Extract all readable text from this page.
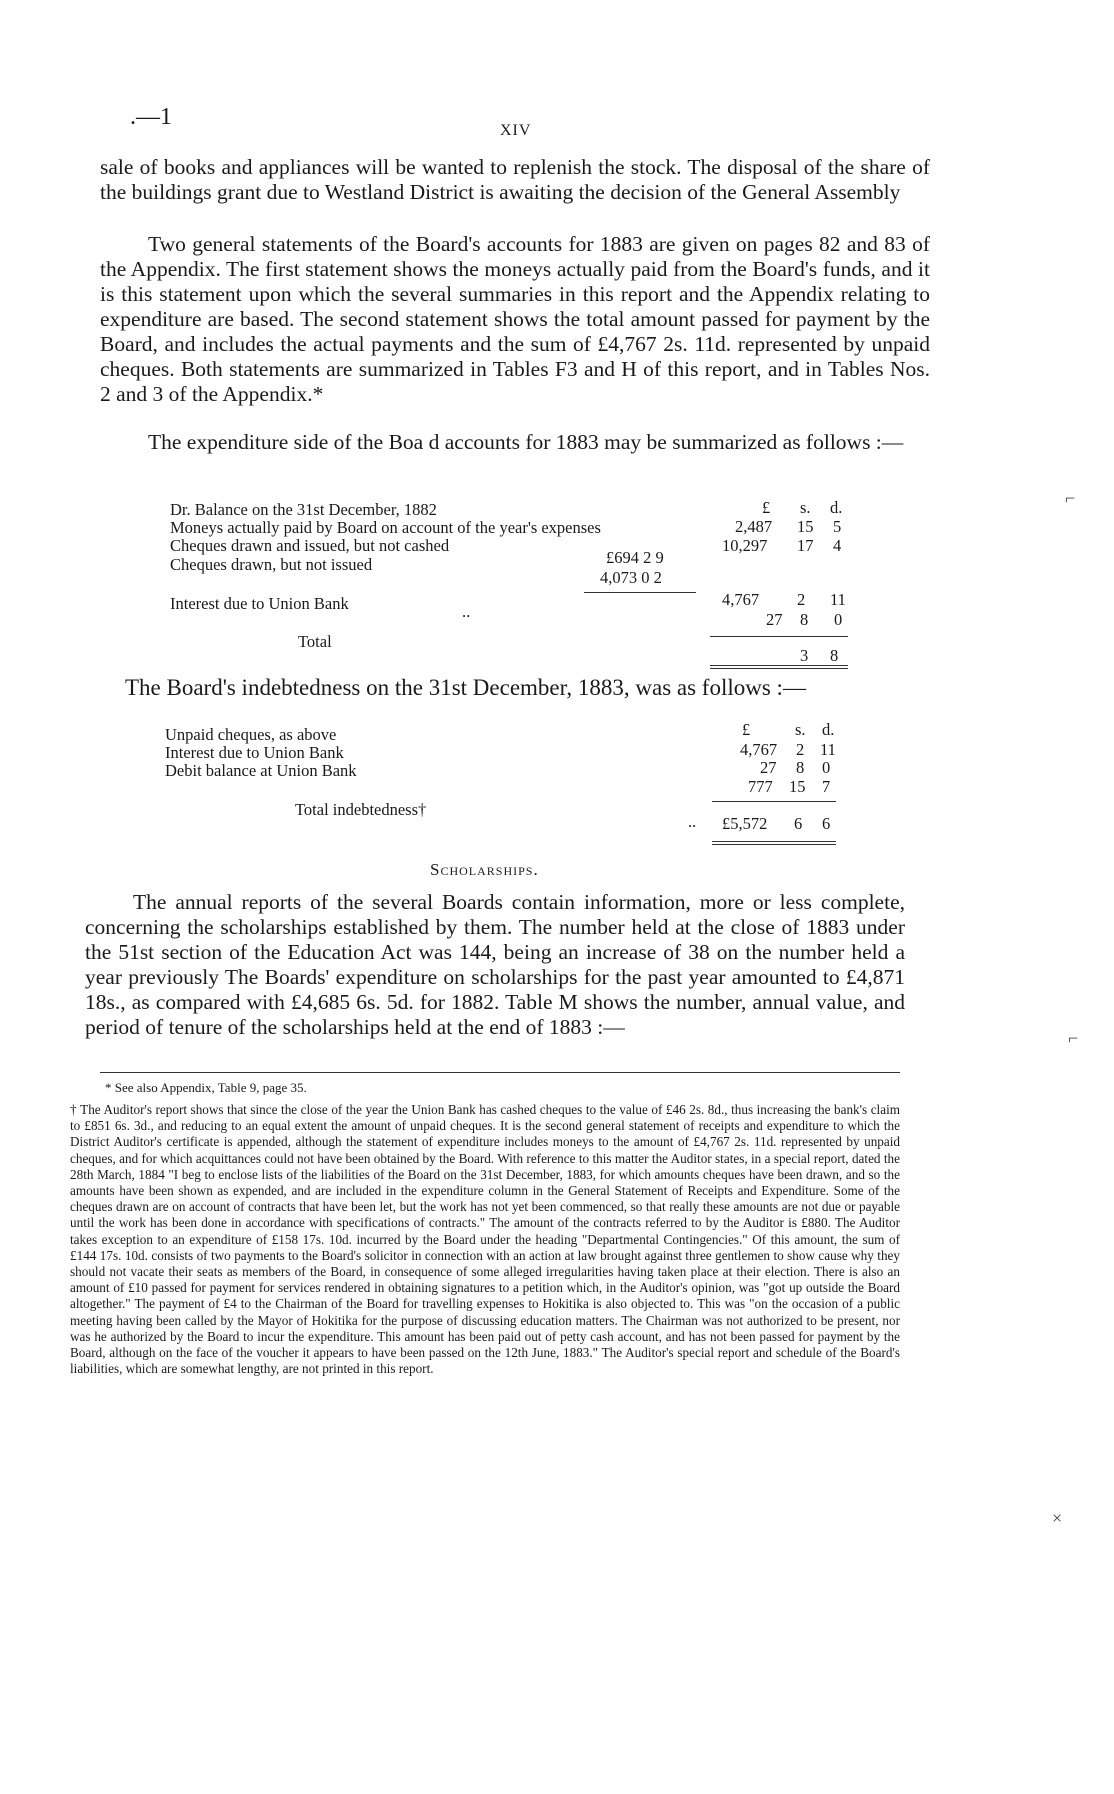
.—1
XIV

sale of books and appliances will be wanted to replenish the stock. The disposal of the share of the buildings grant due to Westland District is awaiting the decision of the General Assembly

Two general statements of the Board's accounts for 1883 are given on pages 82 and 83 of the Appendix. The first statement shows the moneys actually paid from the Board's funds, and it is this statement upon which the several summaries in this report and the Appendix relating to expenditure are based. The second statement shows the total amount passed for payment by the Board, and includes the actual payments and the sum of £4,767 2s. 11d. represented by unpaid cheques. Both statements are summarized in Tables F3 and H of this report, and in Tables Nos. 2 and 3 of the Appendix.*

The expenditure side of the Boa d accounts for 1883 may be summarized as follows :—

£ s. d.
Dr. Balance on the 31st December, 1882
2,487 15 5
Moneys actually paid by Board on account of the year's expenses
10,297 17 4
Cheques drawn and issued, but not cashed
£694 2 9
Cheques drawn, but not issued
4,073 0 2
Interest due to Union Bank	..
4,767 2 11
27 8 0
Total
3 8
The Board's indebtedness on the 31st December, 1883, was as follows :—
£	s. d.
Unpaid cheques, as above
4,767 2 11
Interest due to Union Bank
27 8 0
Debit balance at Union Bank
777 15 7
Total indebtedness†
.. £5,572 6 6
Scholarships.

The annual reports of the several Boards contain information, more or less complete, concerning the scholarships established by them. The number held at the close of 1883 under the 51st section of the Education Act was 144, being an increase of 38 on the number held a year previously The Boards' expenditure on scholarships for the past year amounted to £4,871 18s., as compared with £4,685 6s. 5d. for 1882. Table M shows the number, annual value, and period of tenure of the scholarships held at the end of 1883 :—

* See also Appendix, Table 9, page 35.

† The Auditor's report shows that since the close of the year the Union Bank has cashed cheques to the value of £46 2s. 8d., thus increasing the bank's claim to £851 6s. 3d., and reducing to an equal extent the amount of unpaid cheques. It is the second general statement of receipts and expenditure to which the District Auditor's certificate is appended, although the statement of expenditure includes moneys to the amount of £4,767 2s. 11d. represented by unpaid cheques, and for which acquittances could not have been obtained by the Board. With reference to this matter the Auditor states, in a special report, dated the 28th March, 1884 "I beg to enclose lists of the liabilities of the Board on the 31st December, 1883, for which amounts cheques have been drawn, and so the amounts have been shown as expended, and are included in the expenditure column in the General Statement of Receipts and Expenditure. Some of the cheques drawn are on account of contracts that have been let, but the work has not yet been commenced, so that really these amounts are not due or payable until the work has been done in accordance with specifications of contracts." The amount of the contracts referred to by the Auditor is £880. The Auditor takes exception to an expenditure of £158 17s. 10d. incurred by the Board under the heading "Departmental Contingencies." Of this amount, the sum of £144 17s. 10d. consists of two payments to the Board's solicitor in connection with an action at law brought against three gentlemen to show cause why they should not vacate their seats as members of the Board, in consequence of some alleged irregularities having taken place at their election. There is also an amount of £10 passed for payment for services rendered in obtaining signatures to a petition which, in the Auditor's opinion, was "got up outside the Board altogether." The payment of £4 to the Chairman of the Board for travelling expenses to Hokitika is also objected to. This was "on the occasion of a public meeting having been called by the Mayor of Hokitika for the purpose of discussing education matters. The Chairman was not authorized to be present, nor was he authorized by the Board to incur the expenditure. This amount has been paid out of petty cash account, and has not been passed for payment by the Board, although on the face of the voucher it appears to have been passed on the 12th June, 1883." The Auditor's special report and schedule of the Board's liabilities, which are somewhat lengthy, are not printed in this report.

⌐
⌐
×
